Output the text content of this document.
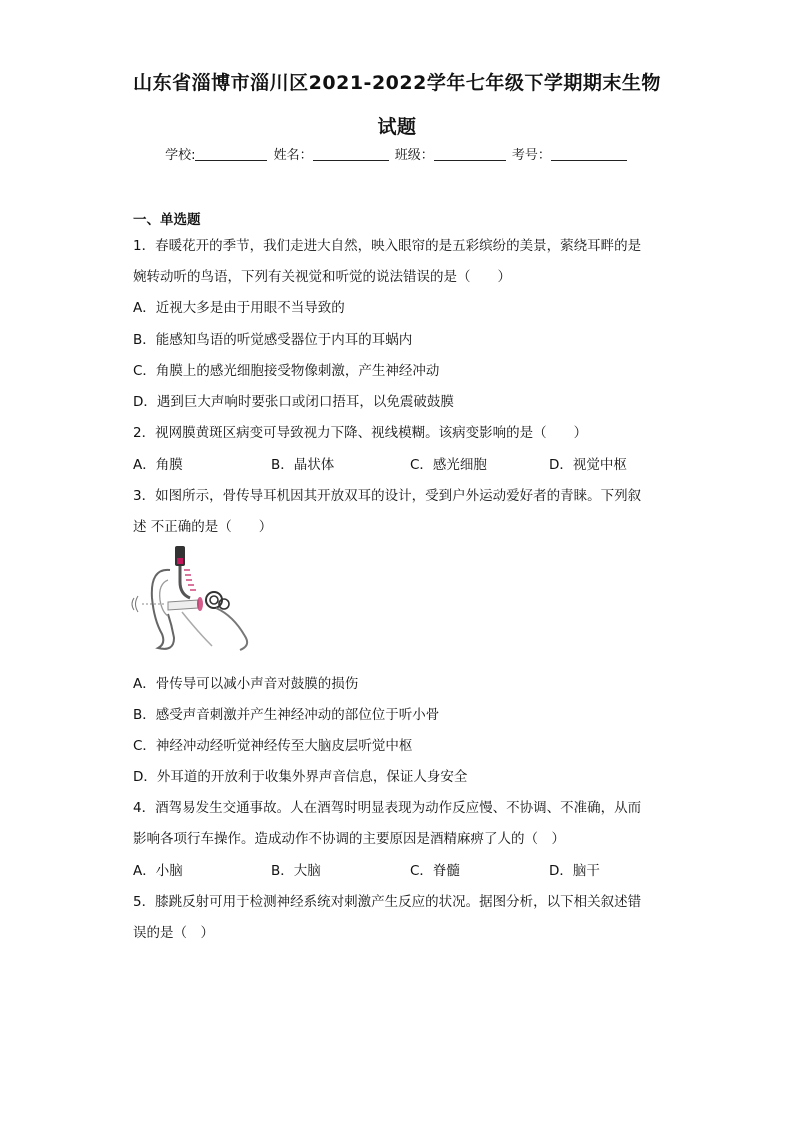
山东省淄博市淄川区2021-2022学年七年级下学期期末生物
试题
学校:	姓名：	班级：	考号：
一、单选题
1．春暖花开的季节，我们走进大自然，映入眼帘的是五彩缤纷的美景，萦绕耳畔的是
婉转动听的鸟语，下列有关视觉和听觉的说法错误的是（　　）
A．近视大多是由于用眼不当导致的
B．能感知鸟语的听觉感受器位于内耳的耳蜗内
C．角膜上的感光细胞接受物像刺激，产生神经冲动
D．遇到巨大声响时要张口或闭口捂耳，以免震破鼓膜
2．视网膜黄斑区病变可导致视力下降、视线模糊。该病变影响的是（　　）
A．角膜	B．晶状体	C．感光细胞	D．视觉中枢
3．如图所示，骨传导耳机因其开放双耳的设计，受到户外运动爱好者的青睐。下列叙
述 不正确的是（　　）
A．骨传导可以减小声音对鼓膜的损伤
B．感受声音刺激并产生神经冲动的部位位于听小骨
C．神经冲动经听觉神经传至大脑皮层听觉中枢
D．外耳道的开放利于收集外界声音信息，保证人身安全
4．酒驾易发生交通事故。人在酒驾时明显表现为动作反应慢、不协调、不准确，从而
影响各项行车操作。造成动作不协调的主要原因是酒精麻痹了人的（　）
A．小脑	B．大脑	C．脊髓	D．脑干
5．膝跳反射可用于检测神经系统对刺激产生反应的状况。据图分析，以下相关叙述错
误的是（　）
